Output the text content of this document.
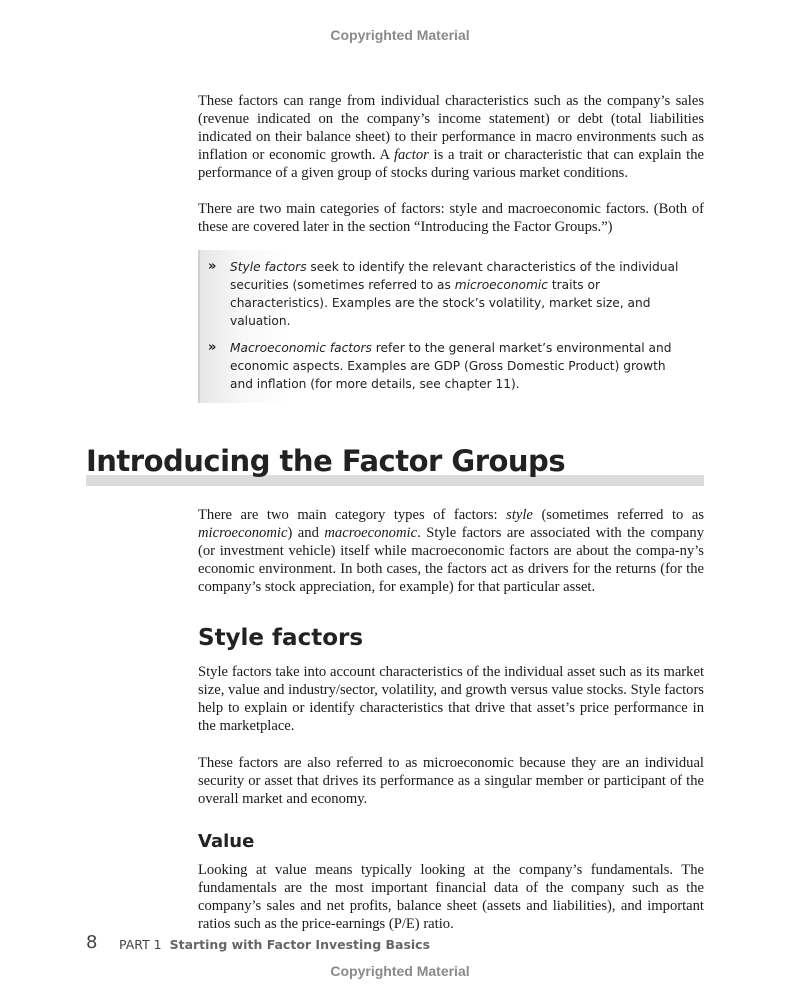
Copyrighted Material

These factors can range from individual characteristics such as the company’s sales (revenue indicated on the company’s income statement) or debt (total liabilities indicated on their balance sheet) to their performance in macro environments such as inflation or economic growth. A factor is a trait or characteristic that can explain the performance of a given group of stocks during various market conditions.

There are two main categories of factors: style and macroeconomic factors. (Both of these are covered later in the section “Introducing the Factor Groups.”)

» Style factors seek to identify the relevant characteristics of the individual securities (sometimes referred to as microeconomic traits or characteristics). Examples are the stock’s volatility, market size, and valuation.
» Macroeconomic factors refer to the general market’s environmental and economic aspects. Examples are GDP (Gross Domestic Product) growth and inflation (for more details, see chapter 11).
Introducing the Factor Groups

There are two main category types of factors: style (sometimes referred to as microeconomic) and macroeconomic. Style factors are associated with the company (or investment vehicle) itself while macroeconomic factors are about the compa-ny’s economic environment. In both cases, the factors act as drivers for the returns (for the company’s stock appreciation, for example) for that particular asset.

Style factors

Style factors take into account characteristics of the individual asset such as its market size, value and industry/sector, volatility, and growth versus value stocks. Style factors help to explain or identify characteristics that drive that asset’s price performance in the marketplace.

These factors are also referred to as microeconomic because they are an individual security or asset that drives its performance as a singular member or participant of the overall market and economy.

Value

Looking at value means typically looking at the company’s fundamentals. The fundamentals are the most important financial data of the company such as the company’s sales and net profits, balance sheet (assets and liabilities), and important ratios such as the price-earnings (P/E) ratio.

8 PART 1 Starting with Factor Investing Basics
Copyrighted Material
